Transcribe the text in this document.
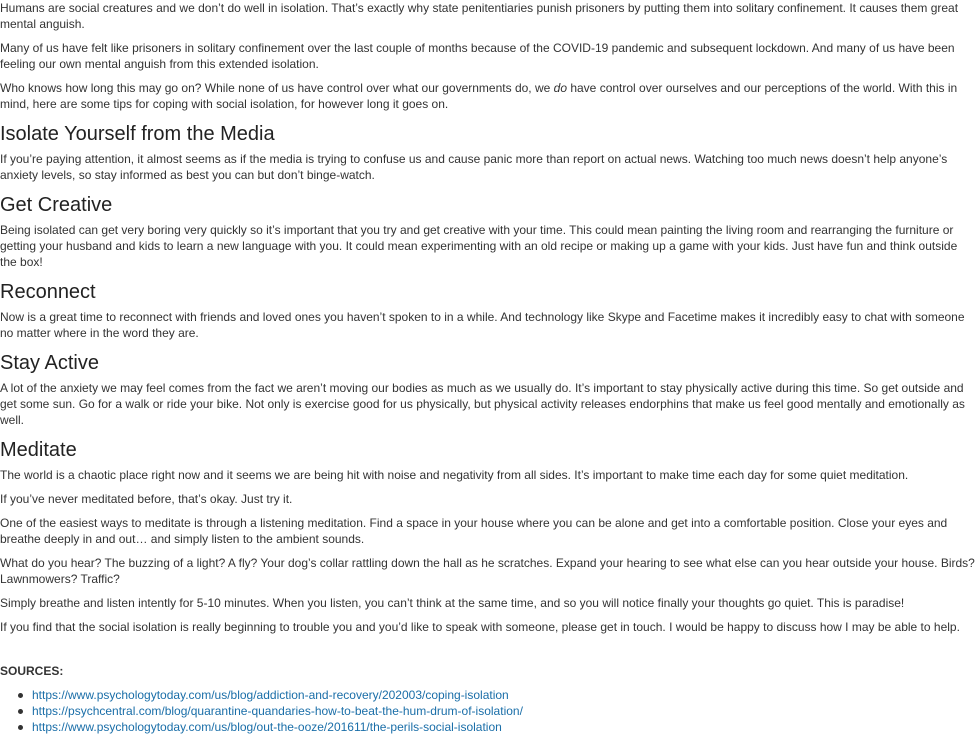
Humans are social creatures and we don’t do well in isolation. That’s exactly why state penitentiaries punish prisoners by putting them into solitary confinement. It causes them great mental anguish.

Many of us have felt like prisoners in solitary confinement over the last couple of months because of the COVID-19 pandemic and subsequent lockdown. And many of us have been feeling our own mental anguish from this extended isolation.

Who knows how long this may go on? While none of us have control over what our governments do, we do have control over ourselves and our perceptions of the world. With this in mind, here are some tips for coping with social isolation, for however long it goes on.

Isolate Yourself from the Media

If you’re paying attention, it almost seems as if the media is trying to confuse us and cause panic more than report on actual news. Watching too much news doesn’t help anyone’s anxiety levels, so stay informed as best you can but don’t binge-watch.

Get Creative

Being isolated can get very boring very quickly so it’s important that you try and get creative with your time. This could mean painting the living room and rearranging the furniture or getting your husband and kids to learn a new language with you. It could mean experimenting with an old recipe or making up a game with your kids. Just have fun and think outside the box!

Reconnect

Now is a great time to reconnect with friends and loved ones you haven’t spoken to in a while. And technology like Skype and Facetime makes it incredibly easy to chat with someone no matter where in the word they are.

Stay Active

A lot of the anxiety we may feel comes from the fact we aren’t moving our bodies as much as we usually do. It’s important to stay physically active during this time. So get outside and get some sun. Go for a walk or ride your bike. Not only is exercise good for us physically, but physical activity releases endorphins that make us feel good mentally and emotionally as well.

Meditate

The world is a chaotic place right now and it seems we are being hit with noise and negativity from all sides. It’s important to make time each day for some quiet meditation.

If you’ve never meditated before, that’s okay. Just try it.

One of the easiest ways to meditate is through a listening meditation. Find a space in your house where you can be alone and get into a comfortable position. Close your eyes and breathe deeply in and out… and simply listen to the ambient sounds.

What do you hear? The buzzing of a light? A fly? Your dog’s collar rattling down the hall as he scratches. Expand your hearing to see what else can you hear outside your house. Birds? Lawnmowers? Traffic?

Simply breathe and listen intently for 5-10 minutes. When you listen, you can’t think at the same time, and so you will notice finally your thoughts go quiet. This is paradise!

If you find that the social isolation is really beginning to trouble you and you’d like to speak with someone, please get in touch. I would be happy to discuss how I may be able to help.

SOURCES:

https://www.psychologytoday.com/us/blog/addiction-and-recovery/202003/coping-isolation
https://psychcentral.com/blog/quarantine-quandaries-how-to-beat-the-hum-drum-of-isolation/
https://www.psychologytoday.com/us/blog/out-the-ooze/201611/the-perils-social-isolation
